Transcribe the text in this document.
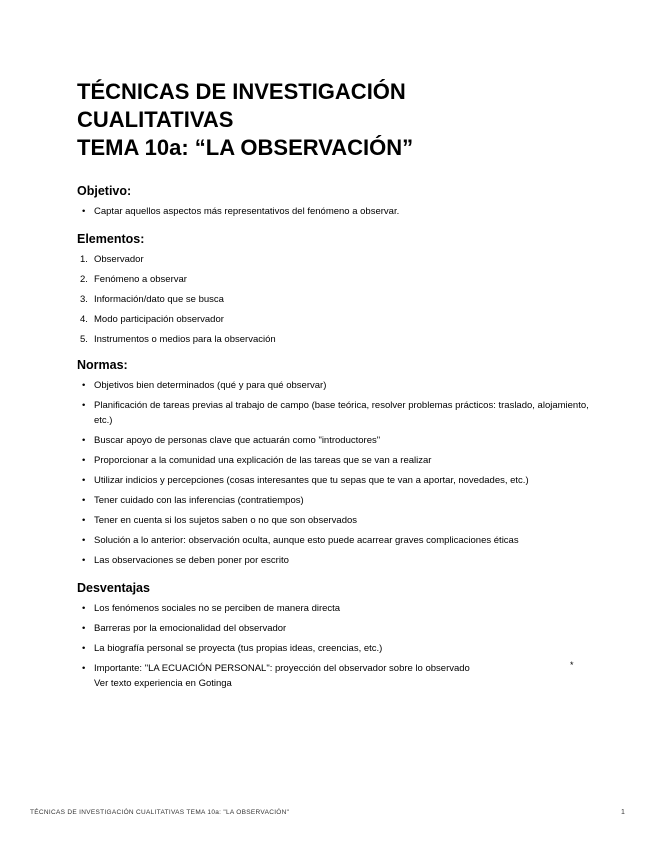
TÉCNICAS DE INVESTIGACIÓN
CUALITATIVAS
TEMA 10a: “LA OBSERVACIÓN”
Objetivo:
• Captar aquellos aspectos más representativos del fenómeno a observar.
Elementos:
1. Observador
2. Fenómeno a observar
3. Información/dato que se busca
4. Modo participación observador
5. Instrumentos o medios para la observación
Normas:
• Objetivos bien determinados (qué y para qué observar)
• Planificación de tareas previas al trabajo de campo (base teórica, resolver problemas prácticos: traslado, alojamiento, etc.)
• Buscar apoyo de personas clave que actuarán como "introductores"
• Proporcionar a la comunidad una explicación de las tareas que se van a realizar
• Utilizar indicios y percepciones (cosas interesantes que tu sepas que te van a aportar, novedades, etc.)
• Tener cuidado con las inferencias (contratiempos)
• Tener en cuenta si los sujetos saben o no que son observados
• Solución a lo anterior: observación oculta, aunque esto puede acarrear graves complicaciones éticas
• Las observaciones se deben poner por escrito
Desventajas
• Los fenómenos sociales no se perciben de manera directa
• Barreras por la emocionalidad del observador
• La biografía personal se proyecta (tus propias ideas, creencias, etc.)
• Importante: "LA ECUACIÓN PERSONAL": proyección del observador sobre lo observado
Ver texto experiencia en Gotinga
*
TÉCNICAS DE INVESTIGACIÓN CUALITATIVAS TEMA 10a: "LA OBSERVACIÓN"	1
